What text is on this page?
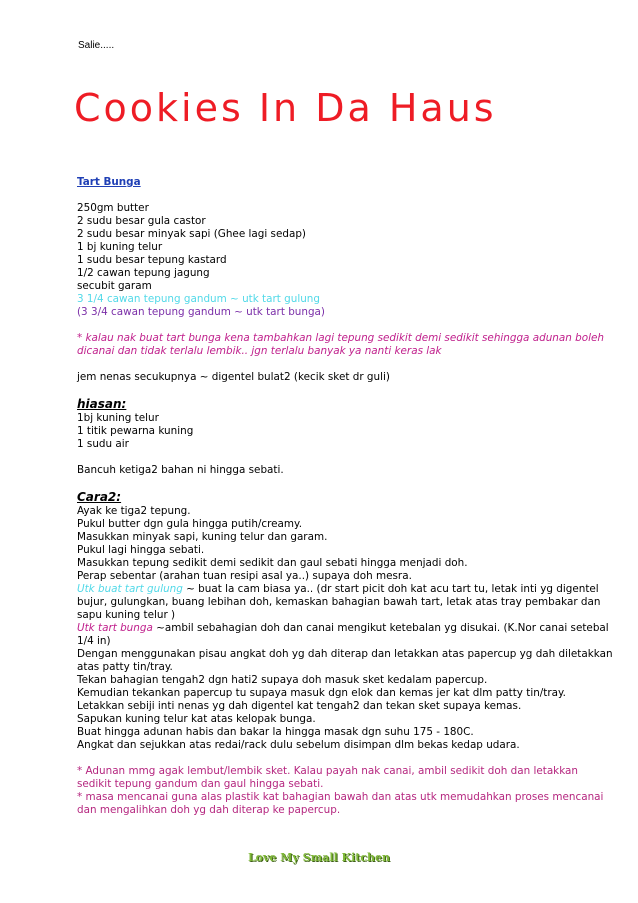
Salie.....
Cookies In Da Haus
Tart Bunga
250gm butter
2 sudu besar gula castor
2 sudu besar minyak sapi (Ghee lagi sedap)
1 bj kuning telur
1 sudu besar tepung kastard
1/2 cawan tepung jagung
secubit garam
3 1/4 cawan tepung gandum ~ utk tart gulung
(3 3/4 cawan tepung gandum ~ utk tart bunga)
* kalau nak buat tart bunga kena tambahkan lagi tepung sedikit demi sedikit sehingga adunan boleh
dicanai dan tidak terlalu lembik.. jgn terlalu banyak ya nanti keras lak
jem nenas secukupnya ~ digentel bulat2 (kecik sket dr guli)
hiasan:
1bj kuning telur
1 titik pewarna kuning
1 sudu air
Bancuh ketiga2 bahan ni hingga sebati.
Cara2:
Ayak ke tiga2 tepung.
Pukul butter dgn gula hingga putih/creamy.
Masukkan minyak sapi, kuning telur dan garam.
Pukul lagi hingga sebati.
Masukkan tepung sedikit demi sedikit dan gaul sebati hingga menjadi doh.
Perap sebentar (arahan tuan resipi asal ya..) supaya doh mesra.
Utk buat tart gulung ~ buat la cam biasa ya.. (dr start picit doh kat acu tart tu, letak inti yg digentel
bujur, gulungkan, buang lebihan doh, kemaskan bahagian bawah tart, letak atas tray pembakar dan
sapu kuning telur )
Utk tart bunga ~ambil sebahagian doh dan canai mengikut ketebalan yg disukai. (K.Nor canai setebal
1/4 in)
Dengan menggunakan pisau angkat doh yg dah diterap dan letakkan atas papercup yg dah diletakkan
atas patty tin/tray.
Tekan bahagian tengah2 dgn hati2 supaya doh masuk sket kedalam papercup.
Kemudian tekankan papercup tu supaya masuk dgn elok dan kemas jer kat dlm patty tin/tray.
Letakkan sebiji inti nenas yg dah digentel kat tengah2 dan tekan sket supaya kemas.
Sapukan kuning telur kat atas kelopak bunga.
Buat hingga adunan habis dan bakar la hingga masak dgn suhu 175 - 180C.
Angkat dan sejukkan atas redai/rack dulu sebelum disimpan dlm bekas kedap udara.
* Adunan mmg agak lembut/lembik sket. Kalau payah nak canai, ambil sedikit doh dan letakkan
sedikit tepung gandum dan gaul hingga sebati.
* masa mencanai guna alas plastik kat bahagian bawah dan atas utk memudahkan proses mencanai
dan mengalihkan doh yg dah diterap ke papercup.
Love My Small Kitchen
